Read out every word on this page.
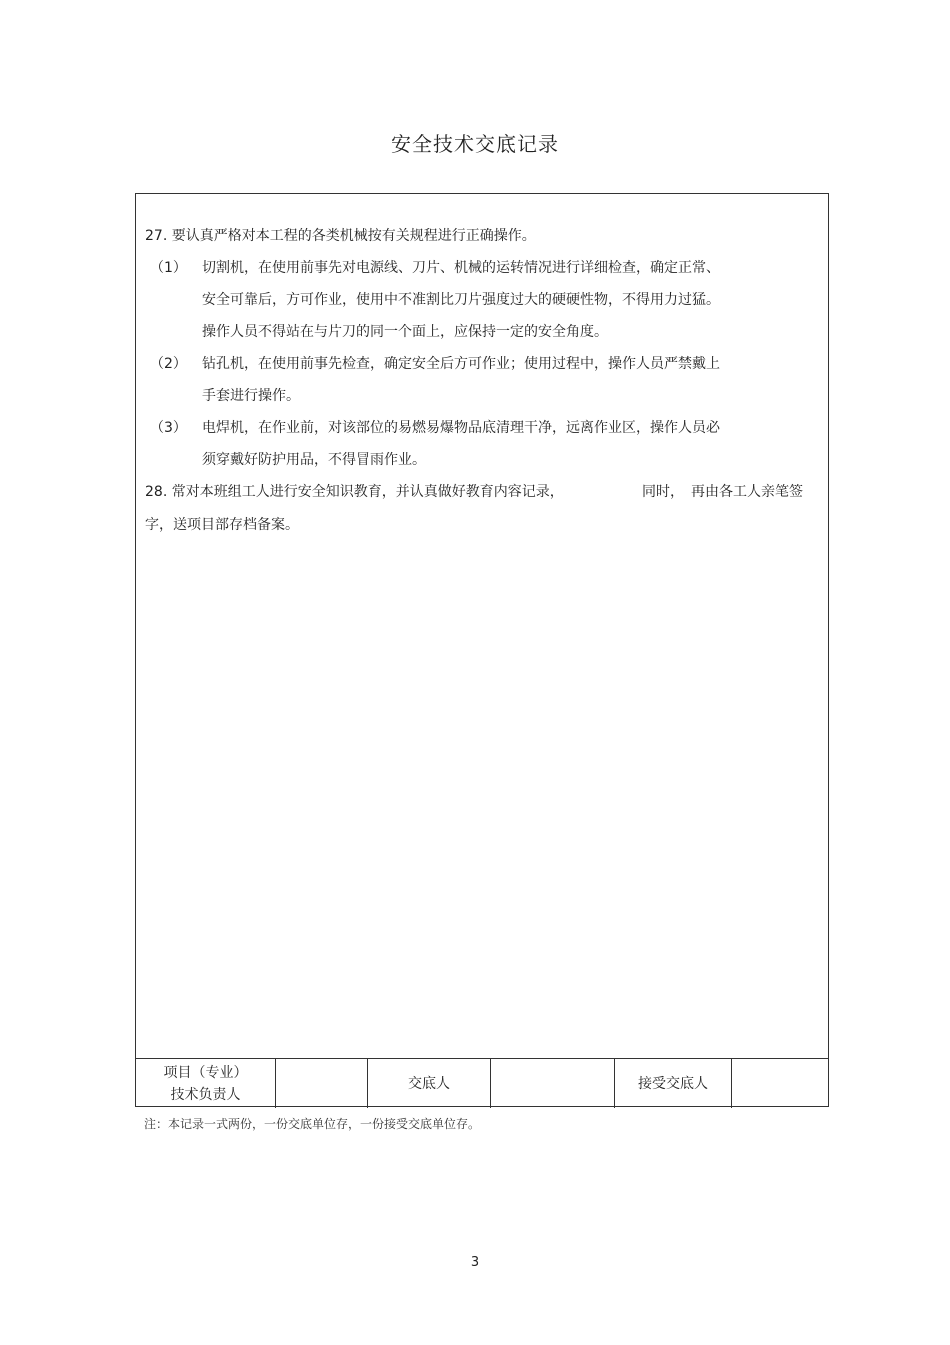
安全技术交底记录
27. 要认真严格对本工程的各类机械按有关规程进行正确操作。
（1） 切割机，在使用前事先对电源线、刀片、机械的运转情况进行详细检查，确定正常、
安全可靠后，方可作业，使用中不准割比刀片强度过大的硬硬性物，不得用力过猛。
操作人员不得站在与片刀的同一个面上，应保持一定的安全角度。
（2） 钻孔机，在使用前事先检查，确定安全后方可作业；使用过程中，操作人员严禁戴上
手套进行操作。
（3） 电焊机，在作业前，对该部位的易燃易爆物品底清理干净，远离作业区，操作人员必
须穿戴好防护用品，不得冒雨作业。
28. 常对本班组工人进行安全知识教育，并认真做好教育内容记录，	同时， 再由各工人亲笔签
字，送项目部存档备案。
项目（专业）
技术负责人
交底人	接受交底人
注：本记录一式两份，一份交底单位存，一份接受交底单位存。
3
